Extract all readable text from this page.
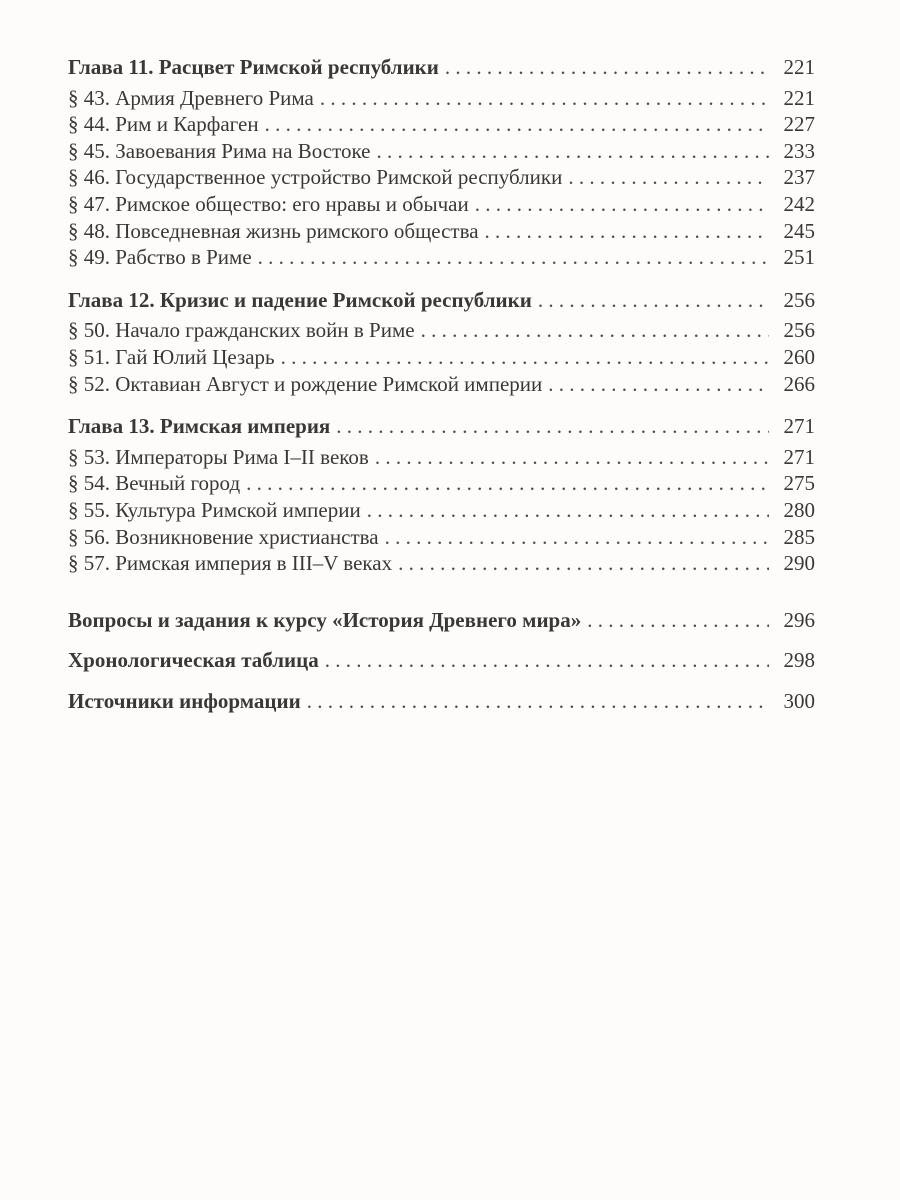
Глава 11. Расцвет Римской республики . . .	221
§ 43. Армия Древнего Рима . . .	221
§ 44. Рим и Карфаген . . .	227
§ 45. Завоевания Рима на Востоке . . .	233
§ 46. Государственное устройство Римской республики . . .	237
§ 47. Римское общество: его нравы и обычаи . . .	242
§ 48. Повседневная жизнь римского общества . . .	245
§ 49. Рабство в Риме . . .	251
Глава 12. Кризис и падение Римской республики . . .	256
§ 50. Начало гражданских войн в Риме . . .	256
§ 51. Гай Юлий Цезарь . . .	260
§ 52. Октавиан Август и рождение Римской империи . . .	266
Глава 13. Римская империя . . .	271
§ 53. Императоры Рима I–II веков . . .	271
§ 54. Вечный город . . .	275
§ 55. Культура Римской империи . . .	280
§ 56. Возникновение христианства . . .	285
§ 57. Римская империя в III–V веках . . .	290
Вопросы и задания к курсу «История Древнего мира» . . .	296
Хронологическая таблица . . .	298
Источники информации . . .	300
